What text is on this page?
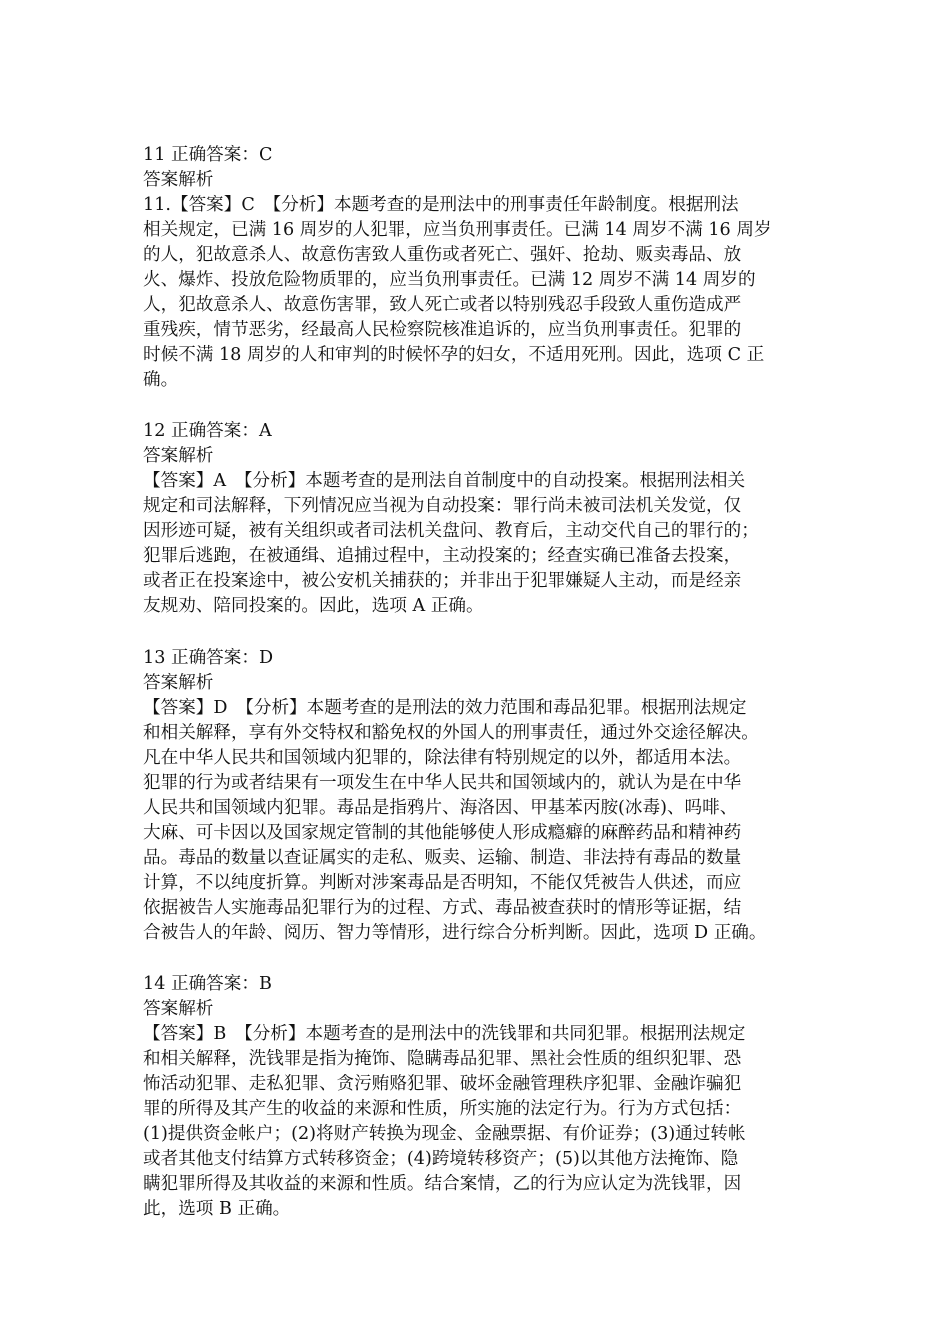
11 正确答案：C
答案解析
11.【答案】C　【分析】本题考查的是刑法中的刑事责任年龄制度。根据刑法
相关规定，已满 16 周岁的人犯罪，应当负刑事责任。已满 14 周岁不满 16 周岁
的人，犯故意杀人、故意伤害致人重伤或者死亡、强奸、抢劫、贩卖毒品、放
火、爆炸、投放危险物质罪的，应当负刑事责任。已满 12 周岁不满 14 周岁的
人，犯故意杀人、故意伤害罪，致人死亡或者以特别残忍手段致人重伤造成严
重残疾，情节恶劣，经最高人民检察院核准追诉的，应当负刑事责任。犯罪的
时候不满 18 周岁的人和审判的时候怀孕的妇女，不适用死刑。因此，选项 C 正
确。
12 正确答案：A
答案解析
【答案】A　【分析】本题考查的是刑法自首制度中的自动投案。根据刑法相关
规定和司法解释，下列情况应当视为自动投案：罪行尚未被司法机关发觉，仅
因形迹可疑，被有关组织或者司法机关盘问、教育后，主动交代自己的罪行的；
犯罪后逃跑，在被通缉、追捕过程中，主动投案的；经查实确已准备去投案，
或者正在投案途中，被公安机关捕获的；并非出于犯罪嫌疑人主动，而是经亲
友规劝、陪同投案的。因此，选项 A 正确。
13 正确答案：D
答案解析
【答案】D　【分析】本题考查的是刑法的效力范围和毒品犯罪。根据刑法规定
和相关解释，享有外交特权和豁免权的外国人的刑事责任，通过外交途径解决。
凡在中华人民共和国领域内犯罪的，除法律有特别规定的以外，都适用本法。
犯罪的行为或者结果有一项发生在中华人民共和国领域内的，就认为是在中华
人民共和国领域内犯罪。毒品是指鸦片、海洛因、甲基苯丙胺(冰毒)、吗啡、
大麻、可卡因以及国家规定管制的其他能够使人形成瘾癖的麻醉药品和精神药
品。毒品的数量以查证属实的走私、贩卖、运输、制造、非法持有毒品的数量
计算，不以纯度折算。判断对涉案毒品是否明知，不能仅凭被告人供述，而应
依据被告人实施毒品犯罪行为的过程、方式、毒品被查获时的情形等证据，结
合被告人的年龄、阅历、智力等情形，进行综合分析判断。因此，选项 D 正确。
14 正确答案：B
答案解析
【答案】B　【分析】本题考查的是刑法中的洗钱罪和共同犯罪。根据刑法规定
和相关解释，洗钱罪是指为掩饰、隐瞒毒品犯罪、黑社会性质的组织犯罪、恐
怖活动犯罪、走私犯罪、贪污贿赂犯罪、破坏金融管理秩序犯罪、金融诈骗犯
罪的所得及其产生的收益的来源和性质，所实施的法定行为。行为方式包括：
(1)提供资金帐户；(2)将财产转换为现金、金融票据、有价证券；(3)通过转帐
或者其他支付结算方式转移资金；(4)跨境转移资产；(5)以其他方法掩饰、隐
瞒犯罪所得及其收益的来源和性质。结合案情，乙的行为应认定为洗钱罪，因
此，选项 B 正确。
